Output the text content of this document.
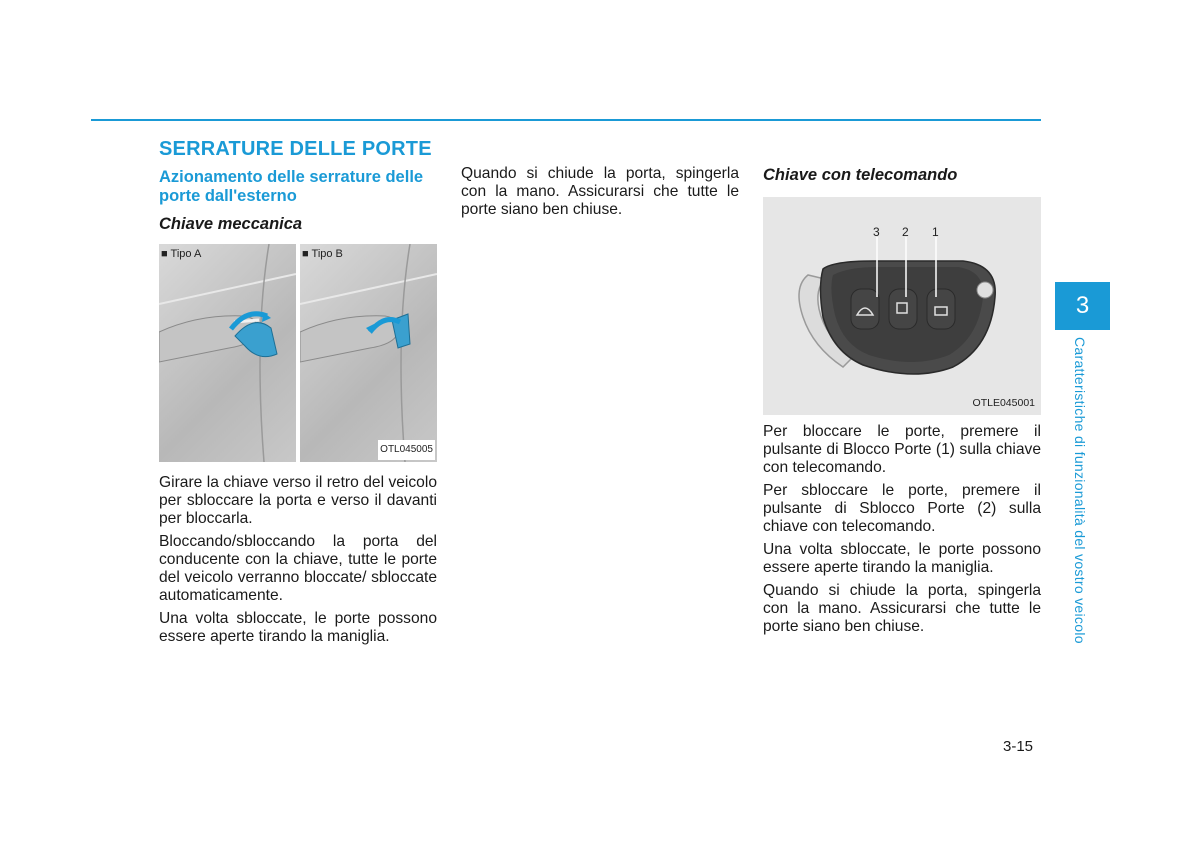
SERRATURE DELLE PORTE
Azionamento delle serrature delle porte dall'esterno
Chiave meccanica
■ Tipo A	■ Tipo B
OTL045005

Girare la chiave verso il retro del veicolo per sbloccare la porta e verso il davanti per bloccarla.

Bloccando/sbloccando la porta del conducente con la chiave, tutte le porte del veicolo verranno bloccate/ sbloccate automaticamente.

Una volta sbloccate, le porte possono essere aperte tirando la maniglia.

Quando si chiude la porta, spingerla con la mano. Assicurarsi che tutte le porte siano ben chiuse.

Chiave con telecomando
3 2 1
OTLE045001

Per bloccare le porte, premere il pulsante di Blocco Porte (1) sulla chiave con telecomando.

Per sbloccare le porte, premere il pulsante di Sblocco Porte (2) sulla chiave con telecomando.

Una volta sbloccate, le porte possono essere aperte tirando la maniglia.

Quando si chiude la porta, spingerla con la mano. Assicurarsi che tutte le porte siano ben chiuse.

3
Caratteristiche di funzionalità del vostro veicolo
3-15
